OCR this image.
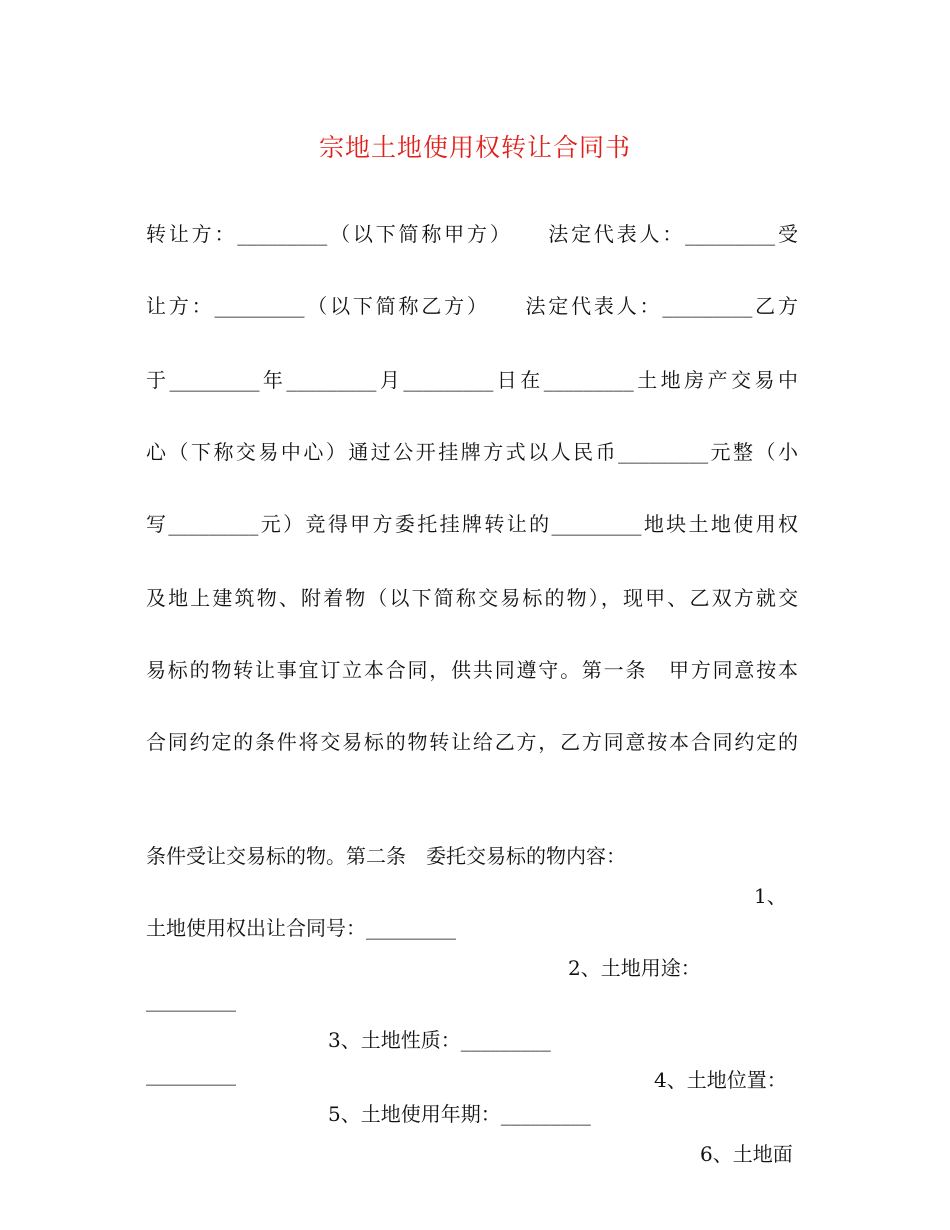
宗地土地使用权转让合同书
转让方：_________（以下简称甲方）　　法定代表人：_________受
让方：_________（以下简称乙方）　　法定代表人：_________乙方
于_________年_________月_________日在_________土地房产交易中
心（下称交易中心）通过公开挂牌方式以人民币_________元整（小
写_________元）竞得甲方委托挂牌转让的_________地块土地使用权
及地上建筑物、附着物（以下简称交易标的物），现甲、乙双方就交
易标的物转让事宜订立本合同，供共同遵守。第一条　甲方同意按本
合同约定的条件将交易标的物转让给乙方，乙方同意按本合同约定的

条件受让交易标的物。第二条　委托交易标的物内容：

1、

土地使用权出让合同号：_________

2、土地用途：

_________

3、土地性质：_________

4、土地位置：

_________

5、土地使用年期：_________

6、土地面
